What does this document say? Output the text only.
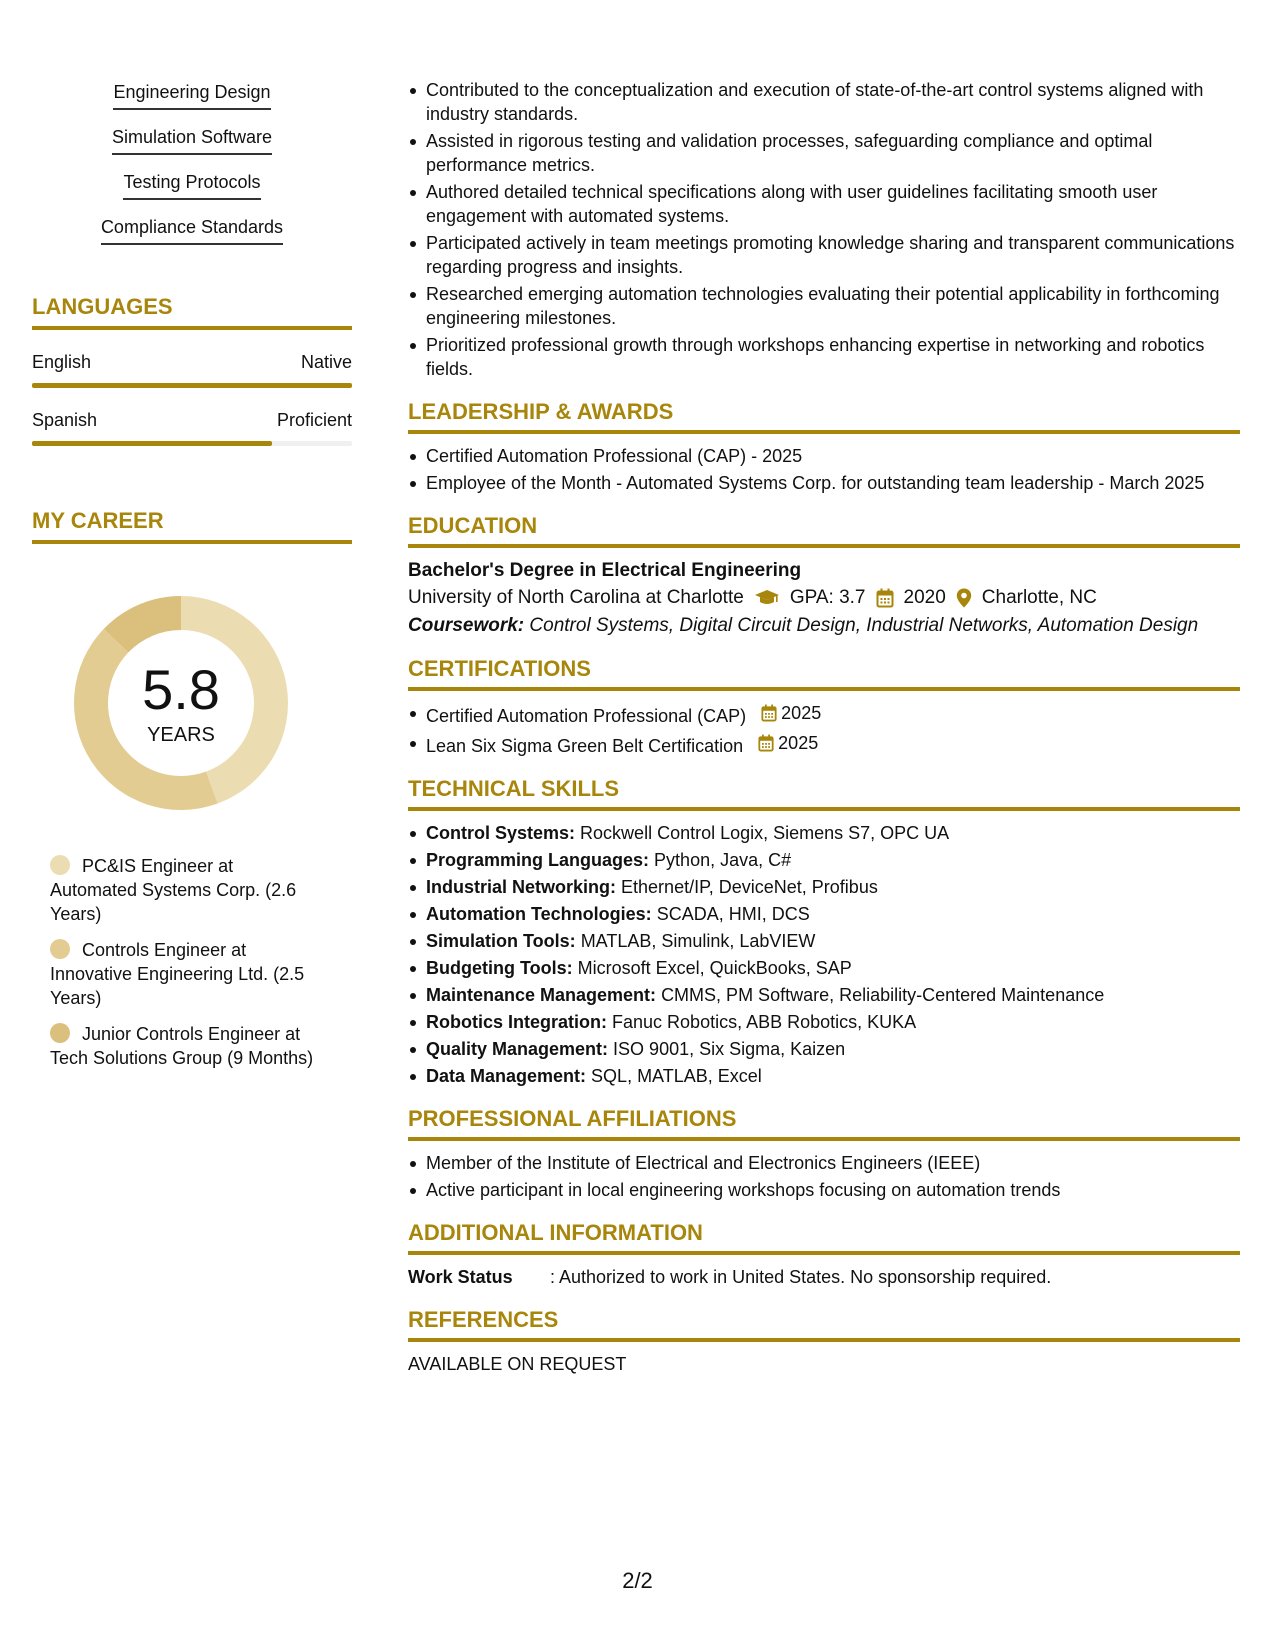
Engineering Design
Simulation Software
Testing Protocols
Compliance Standards
LANGUAGES
English	Native
Spanish	Proficient
MY CAREER
5.8
YEARS
PC&IS Engineer at Automated Systems Corp. (2.6 Years)
Controls Engineer at Innovative Engineering Ltd. (2.5 Years)
Junior Controls Engineer at Tech Solutions Group (9 Months)
Contributed to the conceptualization and execution of state-of-the-art control systems aligned with industry standards.
Assisted in rigorous testing and validation processes, safeguarding compliance and optimal performance metrics.
Authored detailed technical specifications along with user guidelines facilitating smooth user engagement with automated systems.
Participated actively in team meetings promoting knowledge sharing and transparent communications regarding progress and insights.
Researched emerging automation technologies evaluating their potential applicability in forthcoming engineering milestones.
Prioritized professional growth through workshops enhancing expertise in networking and robotics fields.
LEADERSHIP & AWARDS
Certified Automation Professional (CAP) - 2025
Employee of the Month - Automated Systems Corp. for outstanding team leadership - March 2025
EDUCATION
Bachelor's Degree in Electrical Engineering
University of North Carolina at Charlotte GPA: 3.7 2020 Charlotte, NC
Coursework: Control Systems, Digital Circuit Design, Industrial Networks, Automation Design
CERTIFICATIONS
Certified Automation Professional (CAP) 2025
Lean Six Sigma Green Belt Certification 2025
TECHNICAL SKILLS
Control Systems: Rockwell Control Logix, Siemens S7, OPC UA
Programming Languages: Python, Java, C#
Industrial Networking: Ethernet/IP, DeviceNet, Profibus
Automation Technologies: SCADA, HMI, DCS
Simulation Tools: MATLAB, Simulink, LabVIEW
Budgeting Tools: Microsoft Excel, QuickBooks, SAP
Maintenance Management: CMMS, PM Software, Reliability-Centered Maintenance
Robotics Integration: Fanuc Robotics, ABB Robotics, KUKA
Quality Management: ISO 9001, Six Sigma, Kaizen
Data Management: SQL, MATLAB, Excel
PROFESSIONAL AFFILIATIONS
Member of the Institute of Electrical and Electronics Engineers (IEEE)
Active participant in local engineering workshops focusing on automation trends
ADDITIONAL INFORMATION
Work Status	: Authorized to work in United States. No sponsorship required.
REFERENCES
AVAILABLE ON REQUEST
2/2
